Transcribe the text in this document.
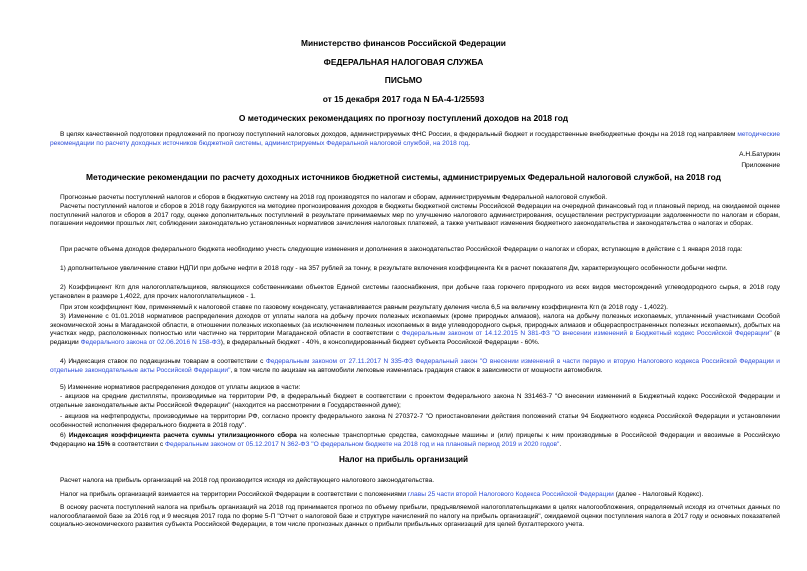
Министерство финансов Российской Федерации
ФЕДЕРАЛЬНАЯ НАЛОГОВАЯ СЛУЖБА
ПИСЬМО
от 15 декабря 2017 года N БА-4-1/25593
О методических рекомендациях по прогнозу поступлений доходов на 2018 год
В целях качественной подготовки предложений по прогнозу поступлений налоговых доходов, администрируемых ФНС России, в федеральный бюджет и государственные внебюджетные фонды на 2018 год направляем методические рекомендации по расчету доходных источников бюджетной системы, администрируемых Федеральной налоговой службой, на 2018 год.
А.Н.Батуркин
Приложение
Методические рекомендации по расчету доходных источников бюджетной системы, администрируемых Федеральной налоговой службой, на 2018 год
Прогнозные расчеты поступлений налогов и сборов в бюджетную систему на 2018 год производятся по налогам и сборам, администрируемым Федеральной налоговой службой.
Расчеты поступлений налогов и сборов в 2018 году базируются на методике прогнозирования доходов в бюджеты бюджетной системы Российской Федерации на очередной финансовый год и плановый период, на ожидаемой оценке поступлений налогов и сборов в 2017 году, оценке дополнительных поступлений в результате принимаемых мер по улучшению налогового администрирования, осуществлении реструктуризации задолженности по налогам и сборам, погашении недоимки прошлых лет, соблюдении законодательно установленных нормативов зачисления налоговых платежей, а также учитывают изменения бюджетного законодательства и законодательства о налогах и сборах.
При расчете объема доходов федерального бюджета необходимо учесть следующие изменения и дополнения в законодательство Российской Федерации о налогах и сборах, вступающие в действие с 1 января 2018 года:
1) дополнительное увеличение ставки НДПИ при добыче нефти в 2018 году - на 357 рублей за тонну, в результате включения коэффициента Кк в расчет показателя Дм, характеризующего особенности добычи нефти.
2) Коэффициент Кгп для налогоплательщиков, являющихся собственниками объектов Единой системы газоснабжения, при добыче газа горючего природного из всех видов месторождений углеводородного сырья, в 2018 году установлен в размере 1,4022, для прочих налогоплательщиков - 1.
При этом коэффициент Ккм, применяемый к налоговой ставке по газовому конденсату, устанавливается равным результату деления числа 6,5 на величину коэффициента Кгп (в 2018 году - 1,4022).
3) Изменение с 01.01.2018 нормативов распределения доходов от уплаты налога на добычу прочих полезных ископаемых (кроме природных алмазов), налога на добычу полезных ископаемых, уплаченный участниками Особой экономической зоны в Магаданской области, в отношении полезных ископаемых (за исключением полезных ископаемых в виде углеводородного сырья, природных алмазов и общераспространенных полезных ископаемых), добытых на участках недр, расположенных полностью или частично на территории Магаданской области в соответствии с Федеральным законом от 14.12.2015 N 381-ФЗ "О внесении изменений в Бюджетный кодекс Российской Федерации" (в редакции Федерального закона от 02.06.2016 N 158-ФЗ), в федеральный бюджет - 40%, в консолидированный бюджет субъекта Российской Федерации - 60%.
4) Индексация ставок по подакцизным товарам в соответствии с Федеральным законом от 27.11.2017 N 335-ФЗ Федеральный закон "О внесении изменений в части первую и вторую Налогового кодекса Российской Федерации и отдельные законодательные акты Российской Федерации", в том числе по акцизам на автомобили легковые изменилась градация ставок в зависимости от мощности автомобиля.
5) Изменение нормативов распределения доходов от уплаты акцизов в части:
- акцизов на средние дистилляты, производимые на территории РФ, в федеральный бюджет в соответствии с проектом Федерального закона N 331463-7 "О внесении изменений в Бюджетный кодекс Российской Федерации и отдельные законодательные акты Российской Федерации" (находится на рассмотрении в Государственной думе);
- акцизов на нефтепродукты, производимые на территории РФ, согласно проекту федерального закона N 270372-7 "О приостановлении действия положений статьи 94 Бюджетного кодекса Российской Федерации и установлении особенностей исполнения федерального бюджета в 2018 году".
6) Индексация коэффициента расчета суммы утилизационного сбора на колесные транспортные средства, самоходные машины и (или) прицепы к ним производимые в Российской Федерации и ввозимые в Российскую Федерацию на 15% в соответствии с Федеральным законом от 05.12.2017 N 362-ФЗ "О федеральном бюджете на 2018 год и на плановый период 2019 и 2020 годов".
Налог на прибыль организаций
Расчет налога на прибыль организаций на 2018 год производится исходя из действующего налогового законодательства.
Налог на прибыль организаций взимается на территории Российской Федерации в соответствии с положениями главы 25 части второй Налогового Кодекса Российской Федерации (далее - Налоговый Кодекс).
В основу расчета поступлений налога на прибыль организаций на 2018 год принимается прогноз по объему прибыли, предъявляемой налогоплательщиками в целях налогообложения, определяемый исходя из отчетных данных по налогооблагаемой базе за 2016 год и 9 месяцев 2017 года по форме 5-П "Отчет о налоговой базе и структуре начислений по налогу на прибыль организаций", ожидаемой оценки поступления налога в 2017 году и основных показателей социально-экономического развития субъекта Российской Федерации, в том числе прогнозных данных о прибыли прибыльных организаций для целей бухгалтерского учета.
